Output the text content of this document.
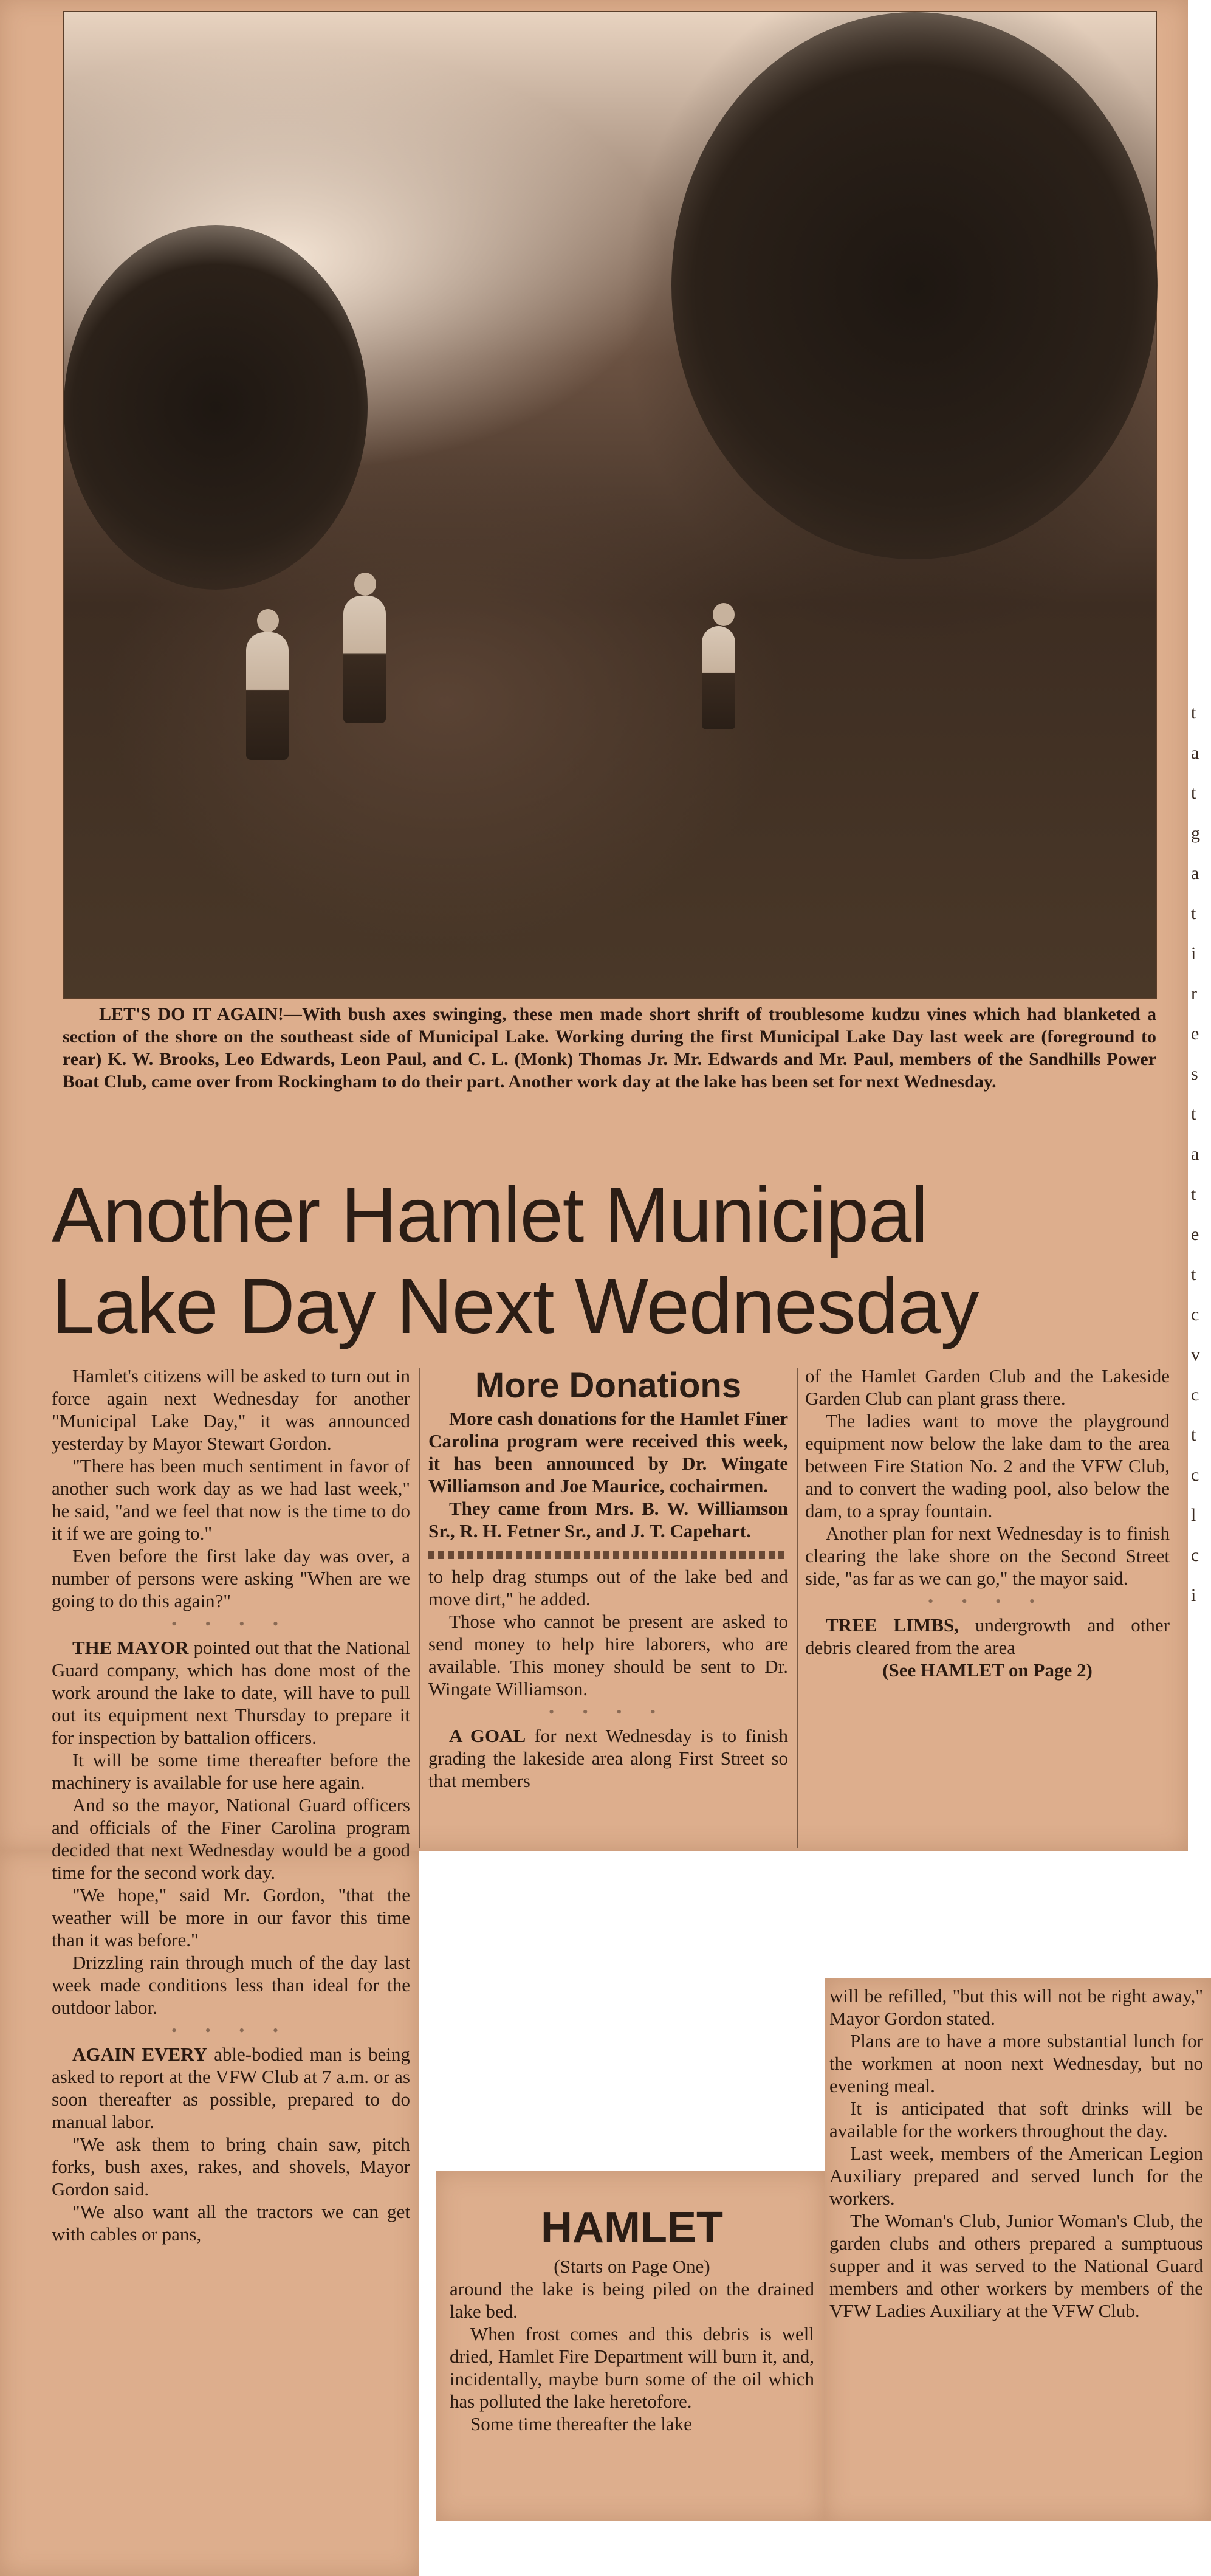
LET'S DO IT AGAIN!—With bush axes swinging, these men made short shrift of troublesome kudzu vines which had blanketed a section of the shore on the southeast side of Municipal Lake. Working during the first Municipal Lake Day last week are (foreground to rear) K. W. Brooks, Leo Edwards, Leon Paul, and C. L. (Monk) Thomas Jr. Mr. Edwards and Mr. Paul, members of the Sandhills Power Boat Club, came over from Rockingham to do their part. Another work day at the lake has been set for next Wednesday.
Another Hamlet Municipal
Lake Day Next Wednesday

Hamlet's citizens will be asked to turn out in force again next Wednesday for another "Municipal Lake Day," it was announced yesterday by Mayor Stewart Gordon.

"There has been much sentiment in favor of another such work day as we had last week," he said, "and we feel that now is the time to do it if we are going to."

Even before the first lake day was over, a number of persons were asking "When are we going to do this again?"

• • • •

THE MAYOR pointed out that the National Guard company, which has done most of the work around the lake to date, will have to pull out its equipment next Thursday to prepare it for inspection by battalion officers.

It will be some time thereafter before the machinery is available for use here again.

And so the mayor, National Guard officers and officials of the Finer Carolina program decided that next Wednesday would be a good time for the second work day.

"We hope," said Mr. Gordon, "that the weather will be more in our favor this time than it was before."

Drizzling rain through much of the day last week made conditions less than ideal for the outdoor labor.

• • • •

AGAIN EVERY able-bodied man is being asked to report at the VFW Club at 7 a.m. or as soon thereafter as possible, prepared to do manual labor.

"We ask them to bring chain saw, pitch forks, bush axes, rakes, and shovels, Mayor Gordon said.

"We also want all the tractors we can get with cables or pans,

More Donations

More cash donations for the Hamlet Finer Carolina program were received this week, it has been announced by Dr. Wingate Williamson and Joe Maurice, cochairmen.

They came from Mrs. B. W. Williamson Sr., R. H. Fetner Sr., and J. T. Capehart.

to help drag stumps out of the lake bed and move dirt," he added.

Those who cannot be present are asked to send money to help hire laborers, who are available. This money should be sent to Dr. Wingate Williamson.

• • • •

A GOAL for next Wednesday is to finish grading the lakeside area along First Street so that members

of the Hamlet Garden Club and the Lakeside Garden Club can plant grass there.

The ladies want to move the playground equipment now below the lake dam to the area between Fire Station No. 2 and the VFW Club, and to convert the wading pool, also below the dam, to a spray fountain.

Another plan for next Wednesday is to finish clearing the lake shore on the Second Street side, "as far as we can go," the mayor said.

• • • •

TREE LIMBS, undergrowth and other debris cleared from the area

(See HAMLET on Page 2)

HAMLET

(Starts on Page One)

around the lake is being piled on the drained lake bed.

When frost comes and this debris is well dried, Hamlet Fire Department will burn it, and, incidentally, maybe burn some of the oil which has polluted the lake heretofore.

Some time thereafter the lake

will be refilled, "but this will not be right away," Mayor Gordon stated.

Plans are to have a more substantial lunch for the workmen at noon next Wednesday, but no evening meal.

It is anticipated that soft drinks will be available for the workers throughout the day.

Last week, members of the American Legion Auxiliary prepared and served lunch for the workers.

The Woman's Club, Junior Woman's Club, the garden clubs and others prepared a sumptuous supper and it was served to the National Guard members and other workers by members of the VFW Ladies Auxiliary at the VFW Club.

t
a
t
g
a
t
i
r
e
s
t
a
t
e
t
c
v
c
t
c
l
c
i
